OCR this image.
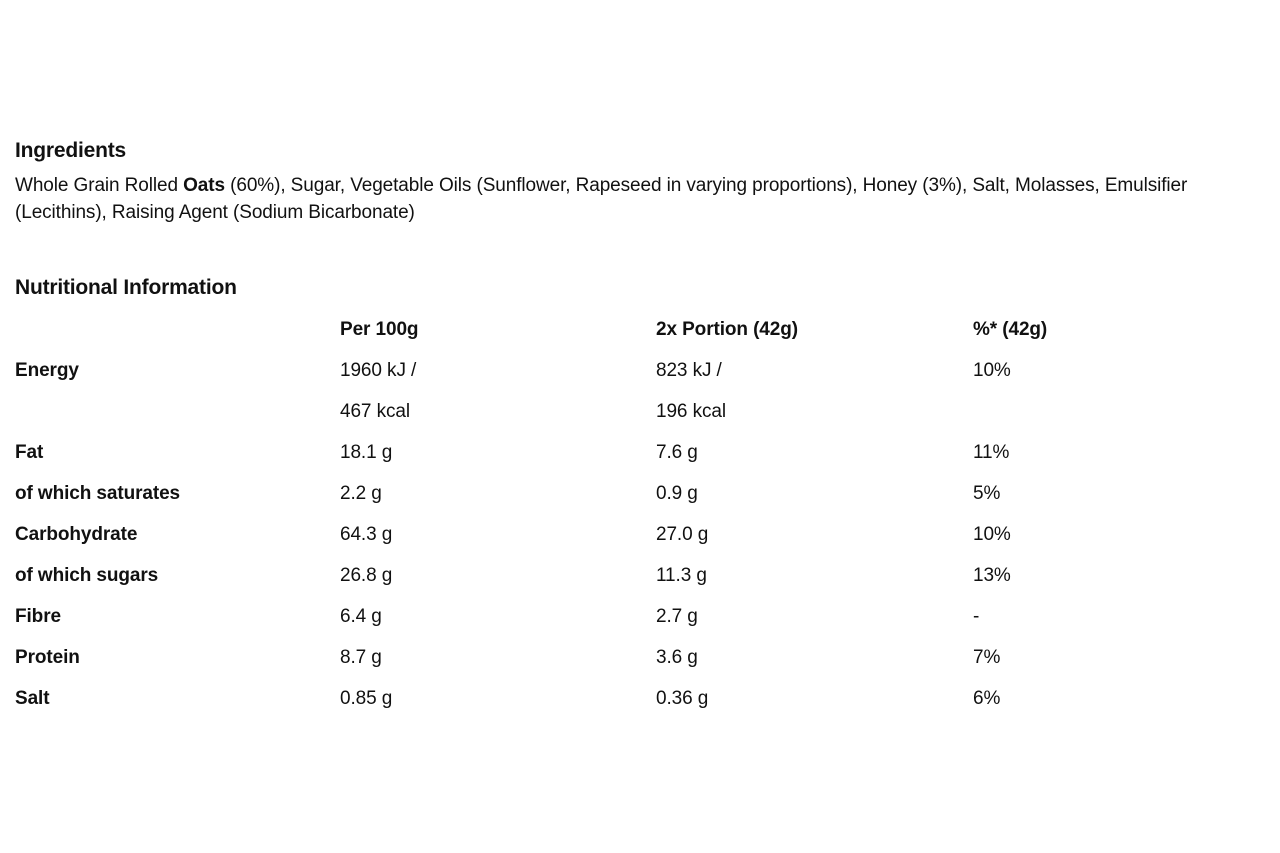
Ingredients

Whole Grain Rolled Oats (60%), Sugar, Vegetable Oils (Sunflower, Rapeseed in varying proportions), Honey (3%), Salt, Molasses, Emulsifier (Lecithins), Raising Agent (Sodium Bicarbonate)

Nutritional Information
	Per 100g	2x Portion (42g)	%* (42g)
Energy	1960 kJ /	823 kJ /	10%
	467 kcal	196 kcal	
Fat	18.1 g	7.6 g	11%
of which saturates	2.2 g	0.9 g	5%
Carbohydrate	64.3 g	27.0 g	10%
of which sugars	26.8 g	11.3 g	13%
Fibre	6.4 g	2.7 g	-
Protein	8.7 g	3.6 g	7%
Salt	0.85 g	0.36 g	6%
